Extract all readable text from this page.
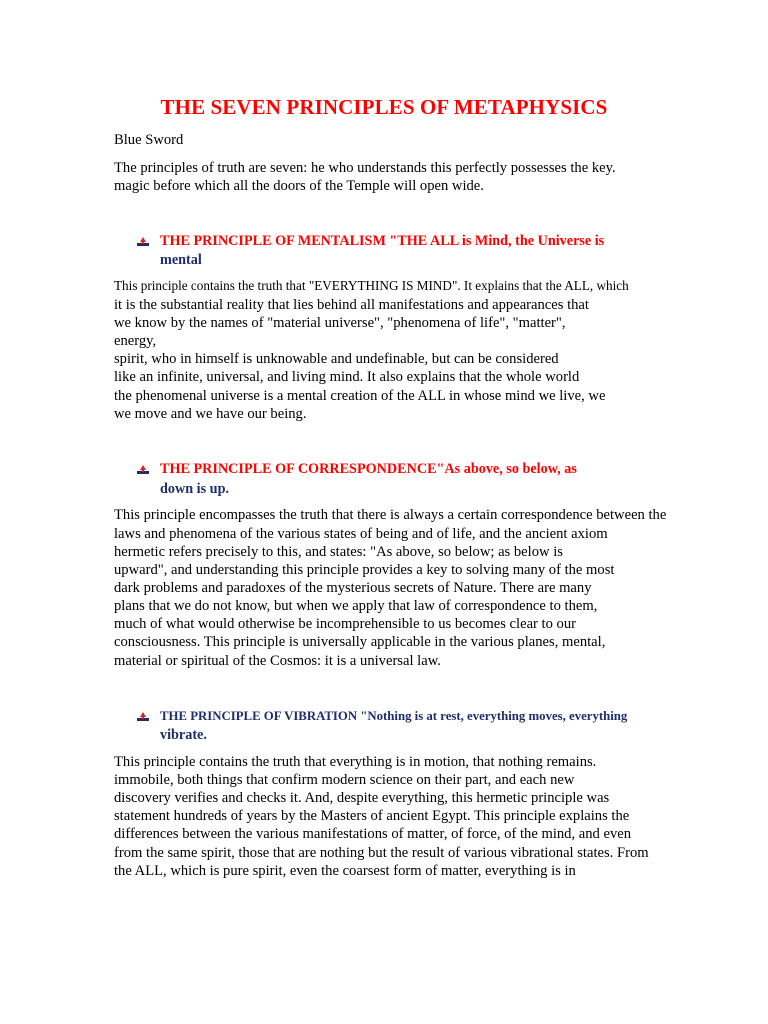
THE SEVEN PRINCIPLES OF METAPHYSICS
Blue Sword
The principles of truth are seven: he who understands this perfectly possesses the key.
magic before which all the doors of the Temple will open wide.
THE PRINCIPLE OF MENTALISM "THE ALL is Mind, the Universe is
mental
This principle contains the truth that "EVERYTHING IS MIND". It explains that the ALL, which
it is the substantial reality that lies behind all manifestations and appearances that
we know by the names of "material universe", "phenomena of life", "matter",
energy,
spirit, who in himself is unknowable and undefinable, but can be considered
like an infinite, universal, and living mind. It also explains that the whole world
the phenomenal universe is a mental creation of the ALL in whose mind we live, we
we move and we have our being.
THE PRINCIPLE OF CORRESPONDENCE"As above, so below, as
down is up.
This principle encompasses the truth that there is always a certain correspondence between the
laws and phenomena of the various states of being and of life, and the ancient axiom
hermetic refers precisely to this, and states: "As above, so below; as below is
upward", and understanding this principle provides a key to solving many of the most
dark problems and paradoxes of the mysterious secrets of Nature. There are many
plans that we do not know, but when we apply that law of correspondence to them,
much of what would otherwise be incomprehensible to us becomes clear to our
consciousness. This principle is universally applicable in the various planes, mental,
material or spiritual of the Cosmos: it is a universal law.
THE PRINCIPLE OF VIBRATION "Nothing is at rest, everything moves, everything
vibrate.
This principle contains the truth that everything is in motion, that nothing remains.
immobile, both things that confirm modern science on their part, and each new
discovery verifies and checks it. And, despite everything, this hermetic principle was
statement hundreds of years by the Masters of ancient Egypt. This principle explains the
differences between the various manifestations of matter, of force, of the mind, and even
from the same spirit, those that are nothing but the result of various vibrational states. From
the ALL, which is pure spirit, even the coarsest form of matter, everything is in
